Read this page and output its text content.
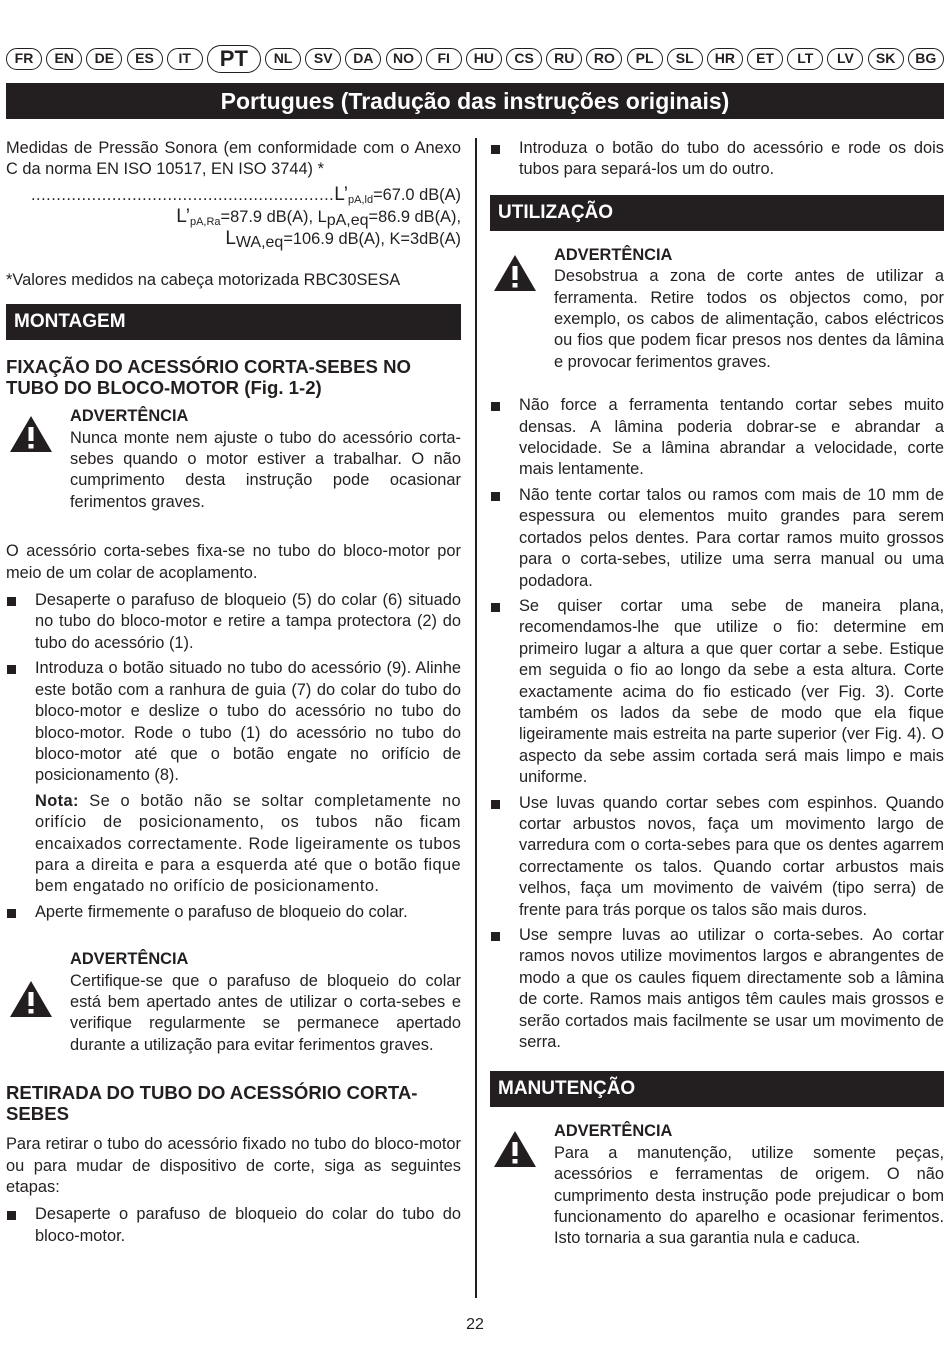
FR	EN	DE	ES	IT	PT	NL	SV	DA	NO	FI	HU	CS	RU	RO	PL	SL	HR	ET	LT	LV	SK	BG
Portugues (Tradução das instruções originais)

Medidas de Pressão Sonora (em conformidade com o Anexo C da norma EN ISO 10517, EN ISO 3744) *

$............................................................L’_{pA,ld}=67.0$ dB(A)
$L’_{pA,Ra}=87.9$ dB(A), $L_{pA,eq}=86.9$ dB(A),
$L_{WA,eq}=106.9$ dB(A), K=3dB(A)

*Valores medidos na cabeça motorizada RBC30SESA

MONTAGEM
FIXAÇÃO DO ACESSÓRIO CORTA-SEBES NO TUBO DO BLOCO-MOTOR (Fig. 1-2)
ADVERTÊNCIA

Nunca monte nem ajuste o tubo do acessório corta-sebes quando o motor estiver a trabalhar. O não cumprimento desta instrução pode ocasionar ferimentos graves.

O acessório corta-sebes fixa-se no tubo do bloco-motor por meio de um colar de acoplamento.

Desaperte o parafuso de bloqueio (5) do colar (6) situado no tubo do bloco-motor e retire a tampa protectora (2) do tubo do acessório (1).
Introduza o botão situado no tubo do acessório (9). Alinhe este botão com a ranhura de guia (7) do colar do tubo do bloco-motor e deslize o tubo do acessório no tubo do bloco-motor. Rode o tubo (1) do acessório no tubo do bloco-motor até que o botão engate no orifício de posicionamento (8).

Nota: Se o botão não se soltar completamente no orifício de posicionamento, os tubos não ficam encaixados correctamente. Rode ligeiramente os tubos para a direita e para a esquerda até que o botão fique bem engatado no orifício de posicionamento.

Aperte firmemente o parafuso de bloqueio do colar.
ADVERTÊNCIA

Certifique-se que o parafuso de bloqueio do colar está bem apertado antes de utilizar o corta-sebes e verifique regularmente se permanece apertado durante a utilização para evitar ferimentos graves.

RETIRADA DO TUBO DO ACESSÓRIO CORTA-SEBES

Para retirar o tubo do acessório fixado no tubo do bloco-motor ou para mudar de dispositivo de corte, siga as seguintes etapas:

Desaperte o parafuso de bloqueio do colar do tubo do bloco-motor.
Introduza o botão do tubo do acessório e rode os dois tubos para separá-los um do outro.
UTILIZAÇÃO
ADVERTÊNCIA

Desobstrua a zona de corte antes de utilizar a ferramenta. Retire todos os objectos como, por exemplo, os cabos de alimentação, cabos eléctricos ou fios que podem ficar presos nos dentes da lâmina e provocar ferimentos graves.

Não force a ferramenta tentando cortar sebes muito densas. A lâmina poderia dobrar-se e abrandar a velocidade. Se a lâmina abrandar a velocidade, corte mais lentamente.
Não tente cortar talos ou ramos com mais de 10 mm de espessura ou elementos muito grandes para serem cortados pelos dentes. Para cortar ramos muito grossos para o corta-sebes, utilize uma serra manual ou uma podadora.
Se quiser cortar uma sebe de maneira plana, recomendamos-lhe que utilize o fio: determine em primeiro lugar a altura a que quer cortar a sebe. Estique em seguida o fio ao longo da sebe a esta altura. Corte exactamente acima do fio esticado (ver Fig. 3). Corte também os lados da sebe de modo que ela fique ligeiramente mais estreita na parte superior (ver Fig. 4). O aspecto da sebe assim cortada será mais limpo e mais uniforme.
Use luvas quando cortar sebes com espinhos. Quando cortar arbustos novos, faça um movimento largo de varredura com o corta-sebes para que os dentes agarrem correctamente os talos. Quando cortar arbustos mais velhos, faça um movimento de vaivém (tipo serra) de frente para trás porque os talos são mais duros.
Use sempre luvas ao utilizar o corta-sebes. Ao cortar ramos novos utilize movimentos largos e abrangentes de modo a que os caules fiquem directamente sob a lâmina de corte. Ramos mais antigos têm caules mais grossos e serão cortados mais facilmente se usar um movimento de serra.
MANUTENÇÃO
ADVERTÊNCIA

Para a manutenção, utilize somente peças, acessórios e ferramentas de origem. O não cumprimento desta instrução pode prejudicar o bom funcionamento do aparelho e ocasionar ferimentos. Isto tornaria a sua garantia nula e caduca.

22
